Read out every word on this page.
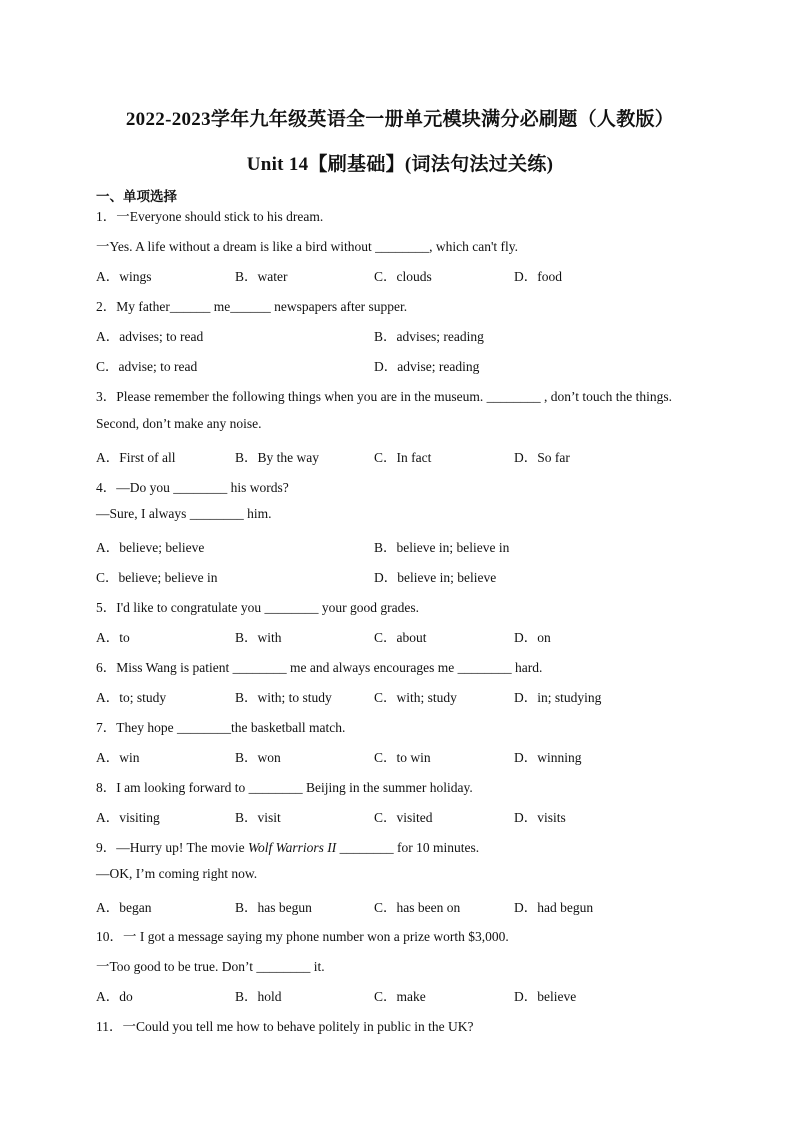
2022-2023学年九年级英语全一册单元模块满分必刷题（人教版）
Unit 14【刷基础】(词法句法过关练)
一、单项选择
1．一Everyone should stick to his dream.
一Yes. A life without a dream is like a bird without ________, which can't fly.
A．wings	B．water	C．clouds	D．food
2．My father______ me______ newspapers after supper.
A．advises; to read	B．advises; reading
C．advise; to read	D．advise; reading
3．Please remember the following things when you are in the museum. ________ , don’t touch the things.
Second, don’t make any noise.
A．First of all	B．By the way	C．In fact	D．So far
4．—Do you ________ his words?
—Sure, I always ________ him.
A．believe; believe	B．believe in; believe in
C．believe; believe in	D．believe in; believe
5．I'd like to congratulate you ________ your good grades.
A．to	B．with	C．about	D．on
6．Miss Wang is patient ________ me and always encourages me ________ hard.
A．to; study	B．with; to study	C．with; study	D．in; studying
7．They hope ________the basketball match.
A．win	B．won	C．to win	D．winning
8．I am looking forward to ________ Beijing in the summer holiday.
A．visiting	B．visit	C．visited	D．visits
9．—Hurry up! The movie Wolf Warriors II ________ for 10 minutes.
—OK, I’m coming right now.
A．began	B．has begun	C．has been on	D．had begun
10．一 I got a message saying my phone number won a prize worth $3,000.
一Too good to be true. Don’t ________ it.
A．do	B．hold	C．make	D．believe
11．一Could you tell me how to behave politely in public in the UK?
